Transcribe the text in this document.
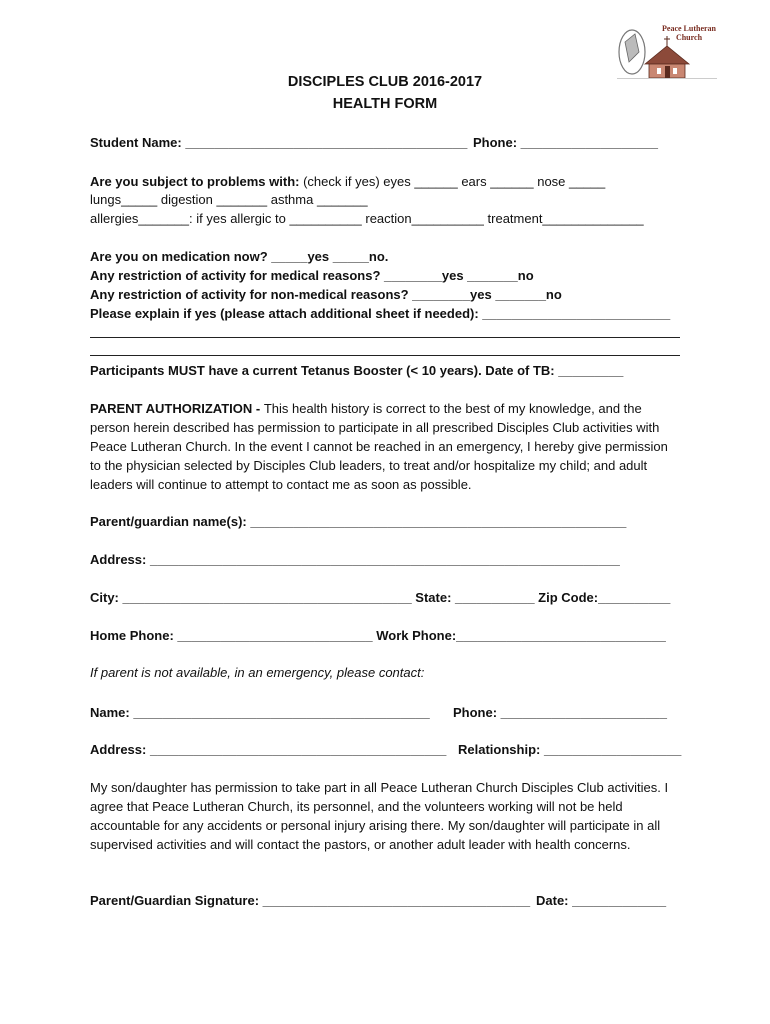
Peace Lutheran
Church
DISCIPLES CLUB 2016-2017
HEALTH FORM
Student Name: _______________________________________ Phone: ___________________
Are you subject to problems with: (check if yes) eyes ______ ears ______ nose _____
lungs_____ digestion _______ asthma _______
allergies_______: if yes allergic to __________ reaction__________ treatment______________
Are you on medication now? _____yes _____no.
Any restriction of activity for medical reasons? ________yes _______no
Any restriction of activity for non-medical reasons? ________yes _______no
Please explain if yes (please attach additional sheet if needed): __________________________
Participants MUST have a current Tetanus Booster (< 10 years). Date of TB: _________
PARENT AUTHORIZATION - This health history is correct to the best of my knowledge, and the person herein described has permission to participate in all prescribed Disciples Club activities with Peace Lutheran Church. In the event I cannot be reached in an emergency, I hereby give permission to the physician selected by Disciples Club leaders, to treat and/or hospitalize my child; and adult leaders will continue to attempt to contact me as soon as possible.
Parent/guardian name(s): ____________________________________________________
Address: _________________________________________________________________
City: ________________________________________ State: ___________ Zip Code:__________
Home Phone: ___________________________ Work Phone:_____________________________
If parent is not available, in an emergency, please contact:
Name: _________________________________________ Phone: _______________________
Address: _________________________________________ Relationship: ___________________
My son/daughter has permission to take part in all Peace Lutheran Church Disciples Club activities. I agree that Peace Lutheran Church, its personnel, and the volunteers working will not be held accountable for any accidents or personal injury arising there. My son/daughter will participate in all supervised activities and will contact the pastors, or another adult leader with health concerns.
Parent/Guardian Signature: _____________________________________ Date: _____________
